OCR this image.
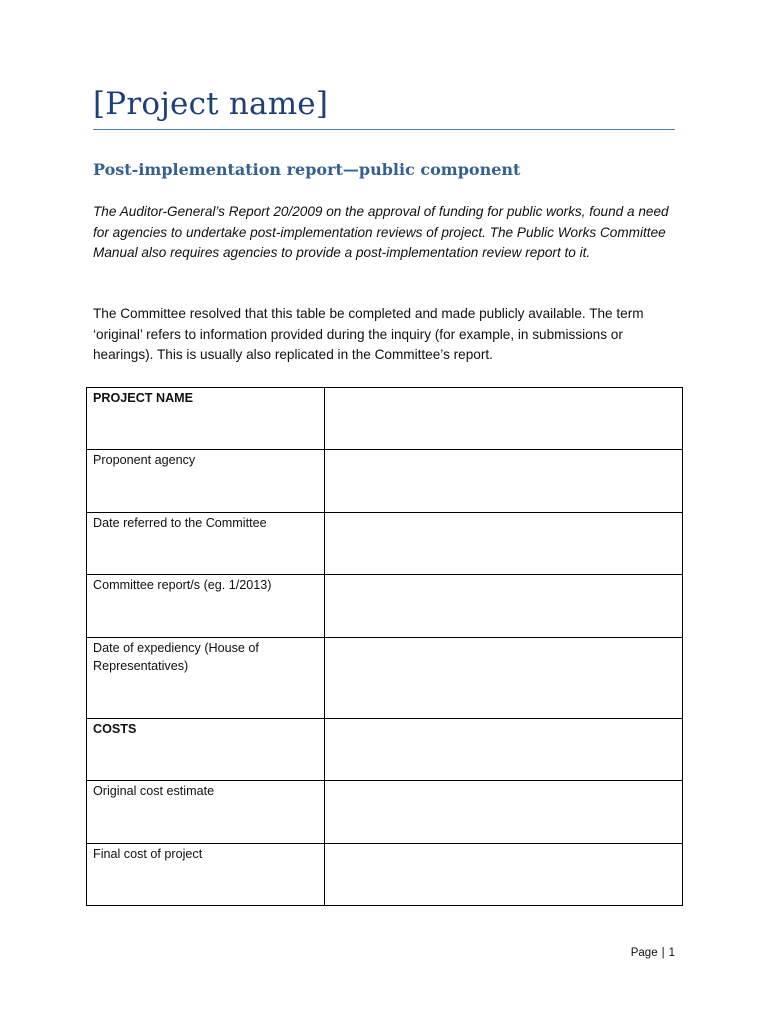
[Project name]
Post-implementation report—public component

The Auditor-General’s Report 20/2009 on the approval of funding for public works, found a need for agencies to undertake post-implementation reviews of project. The Public Works Committee Manual also requires agencies to provide a post-implementation review report to it.

The Committee resolved that this table be completed and made publicly available. The term ‘original’ refers to information provided during the inquiry (for example, in submissions or hearings). This is usually also replicated in the Committee’s report.

PROJECT NAME	
Proponent agency	
Date referred to the Committee	
Committee report/s (eg. 1/2013)	
Date of expediency (House of Representatives)	
COSTS	
Original cost estimate	
Final cost of project	
Page | 1
